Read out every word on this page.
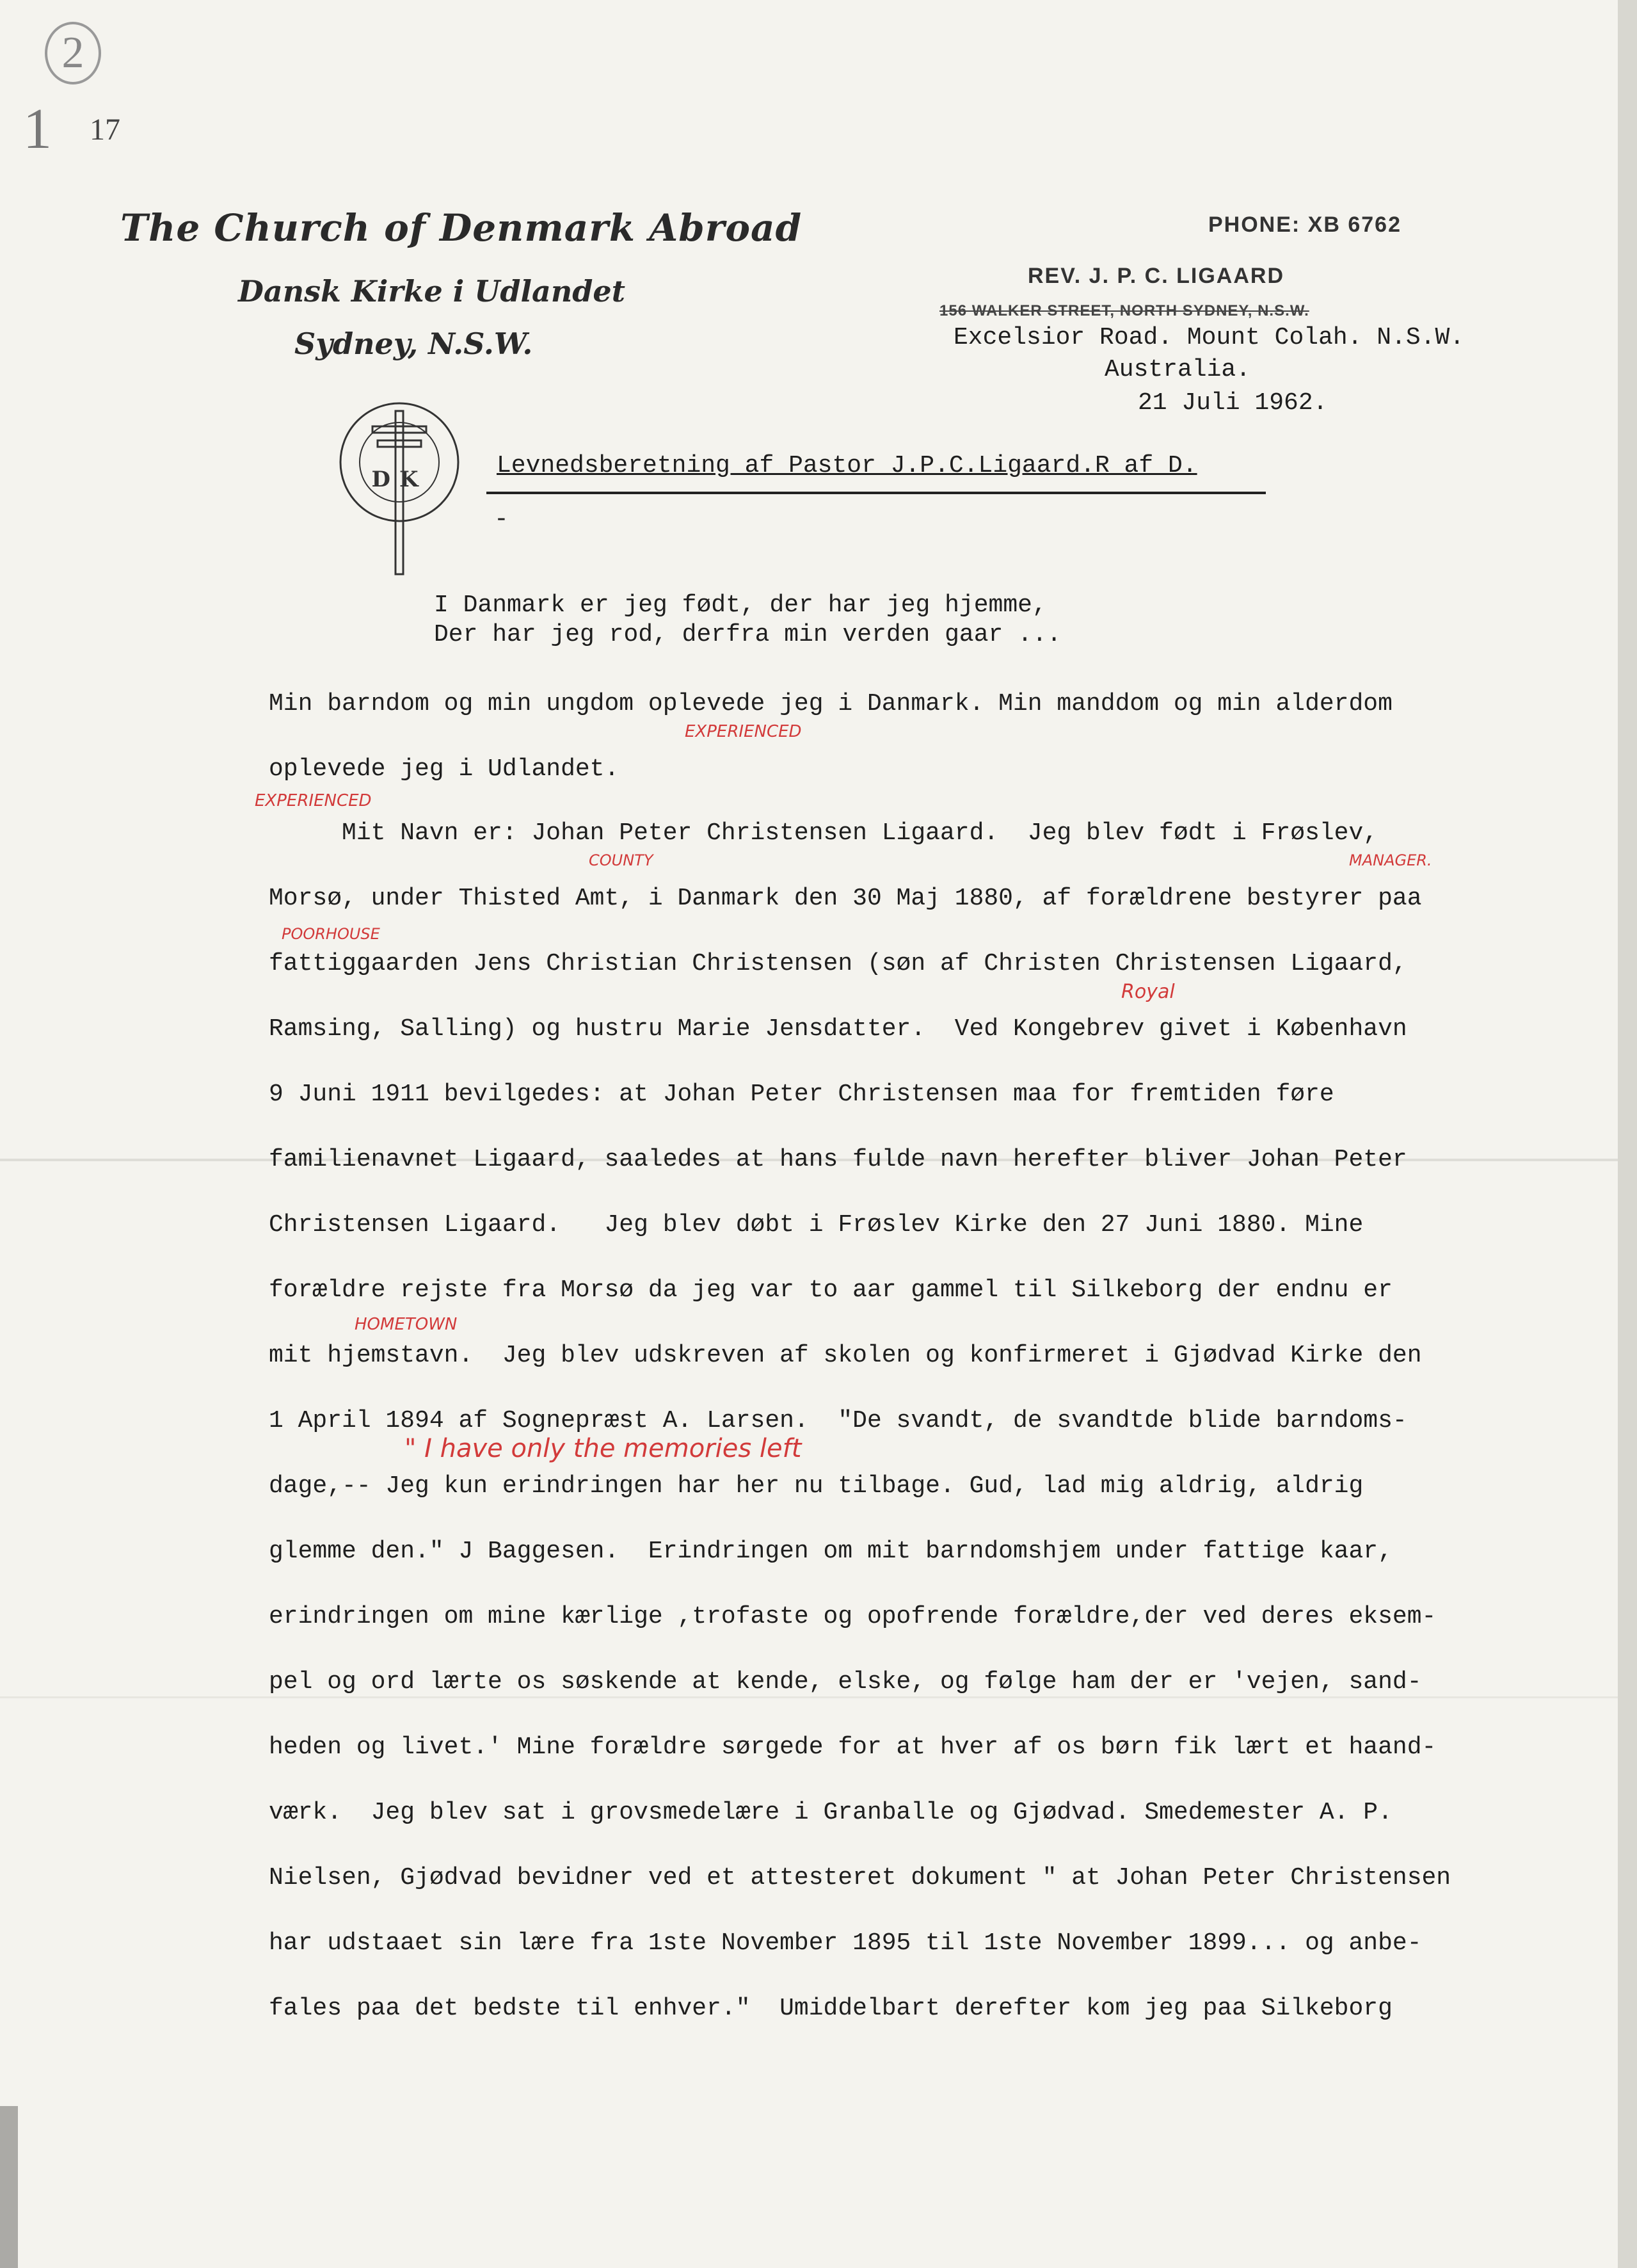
2
1 17
The Church of Denmark Abroad
Dansk Kirke i Udlandet
Sydney, N.S.W.
PHONE: XB 6762
REV. J. P. C. LIGAARD
156 WALKER STREET, NORTH SYDNEY, N.S.W.
Excelsior Road. Mount Colah. N.S.W.
Australia.
21 Juli 1962.
DK	Levnedsberetning af Pastor J.P.C.Ligaard.R af D.
-
I Danmark er jeg født, der har jeg hjemme,
Der har jeg rod, derfra min verden gaar ...
Min barndom og min ungdom oplevede jeg i Danmark. Min manddom og min alderdom
oplevede jeg i Udlandet.
Mit Navn er: Johan Peter Christensen Ligaard.  Jeg blev født i Frøslev,
Morsø, under Thisted Amt, i Danmark den 30 Maj 1880, af forældrene bestyrer paa
fattiggaarden Jens Christian Christensen (søn af Christen Christensen Ligaard,
Ramsing, Salling) og hustru Marie Jensdatter.  Ved Kongebrev givet i København
9 Juni 1911 bevilgedes: at Johan Peter Christensen maa for fremtiden føre
familienavnet Ligaard, saaledes at hans fulde navn herefter bliver Johan Peter
Christensen Ligaard.   Jeg blev døbt i Frøslev Kirke den 27 Juni 1880. Mine
forældre rejste fra Morsø da jeg var to aar gammel til Silkeborg der endnu er
mit hjemstavn.  Jeg blev udskreven af skolen og konfirmeret i Gjødvad Kirke den
1 April 1894 af Sognepræst A. Larsen.  "De svandt, de svandtde blide barndoms-
dage,-- Jeg kun erindringen har her nu tilbage. Gud, lad mig aldrig, aldrig
glemme den." J Baggesen.  Erindringen om mit barndomshjem under fattige kaar,
erindringen om mine kærlige ,trofaste og opofrende forældre,der ved deres eksem-
pel og ord lærte os søskende at kende, elske, og følge ham der er 'vejen, sand-
heden og livet.' Mine forældre sørgede for at hver af os børn fik lært et haand-
værk.  Jeg blev sat i grovsmedelære i Granballe og Gjødvad. Smedemester A. P.
Nielsen, Gjødvad bevidner ved et attesteret dokument " at Johan Peter Christensen
har udstaaet sin lære fra 1ste November 1895 til 1ste November 1899... og anbe-
fales paa det bedste til enhver."  Umiddelbart derefter kom jeg paa Silkeborg
EXPERIENCED
EXPERIENCED
COUNTY	MANAGER.
POORHOUSE
Royal
HOMETOWN
" I have only the memories left
